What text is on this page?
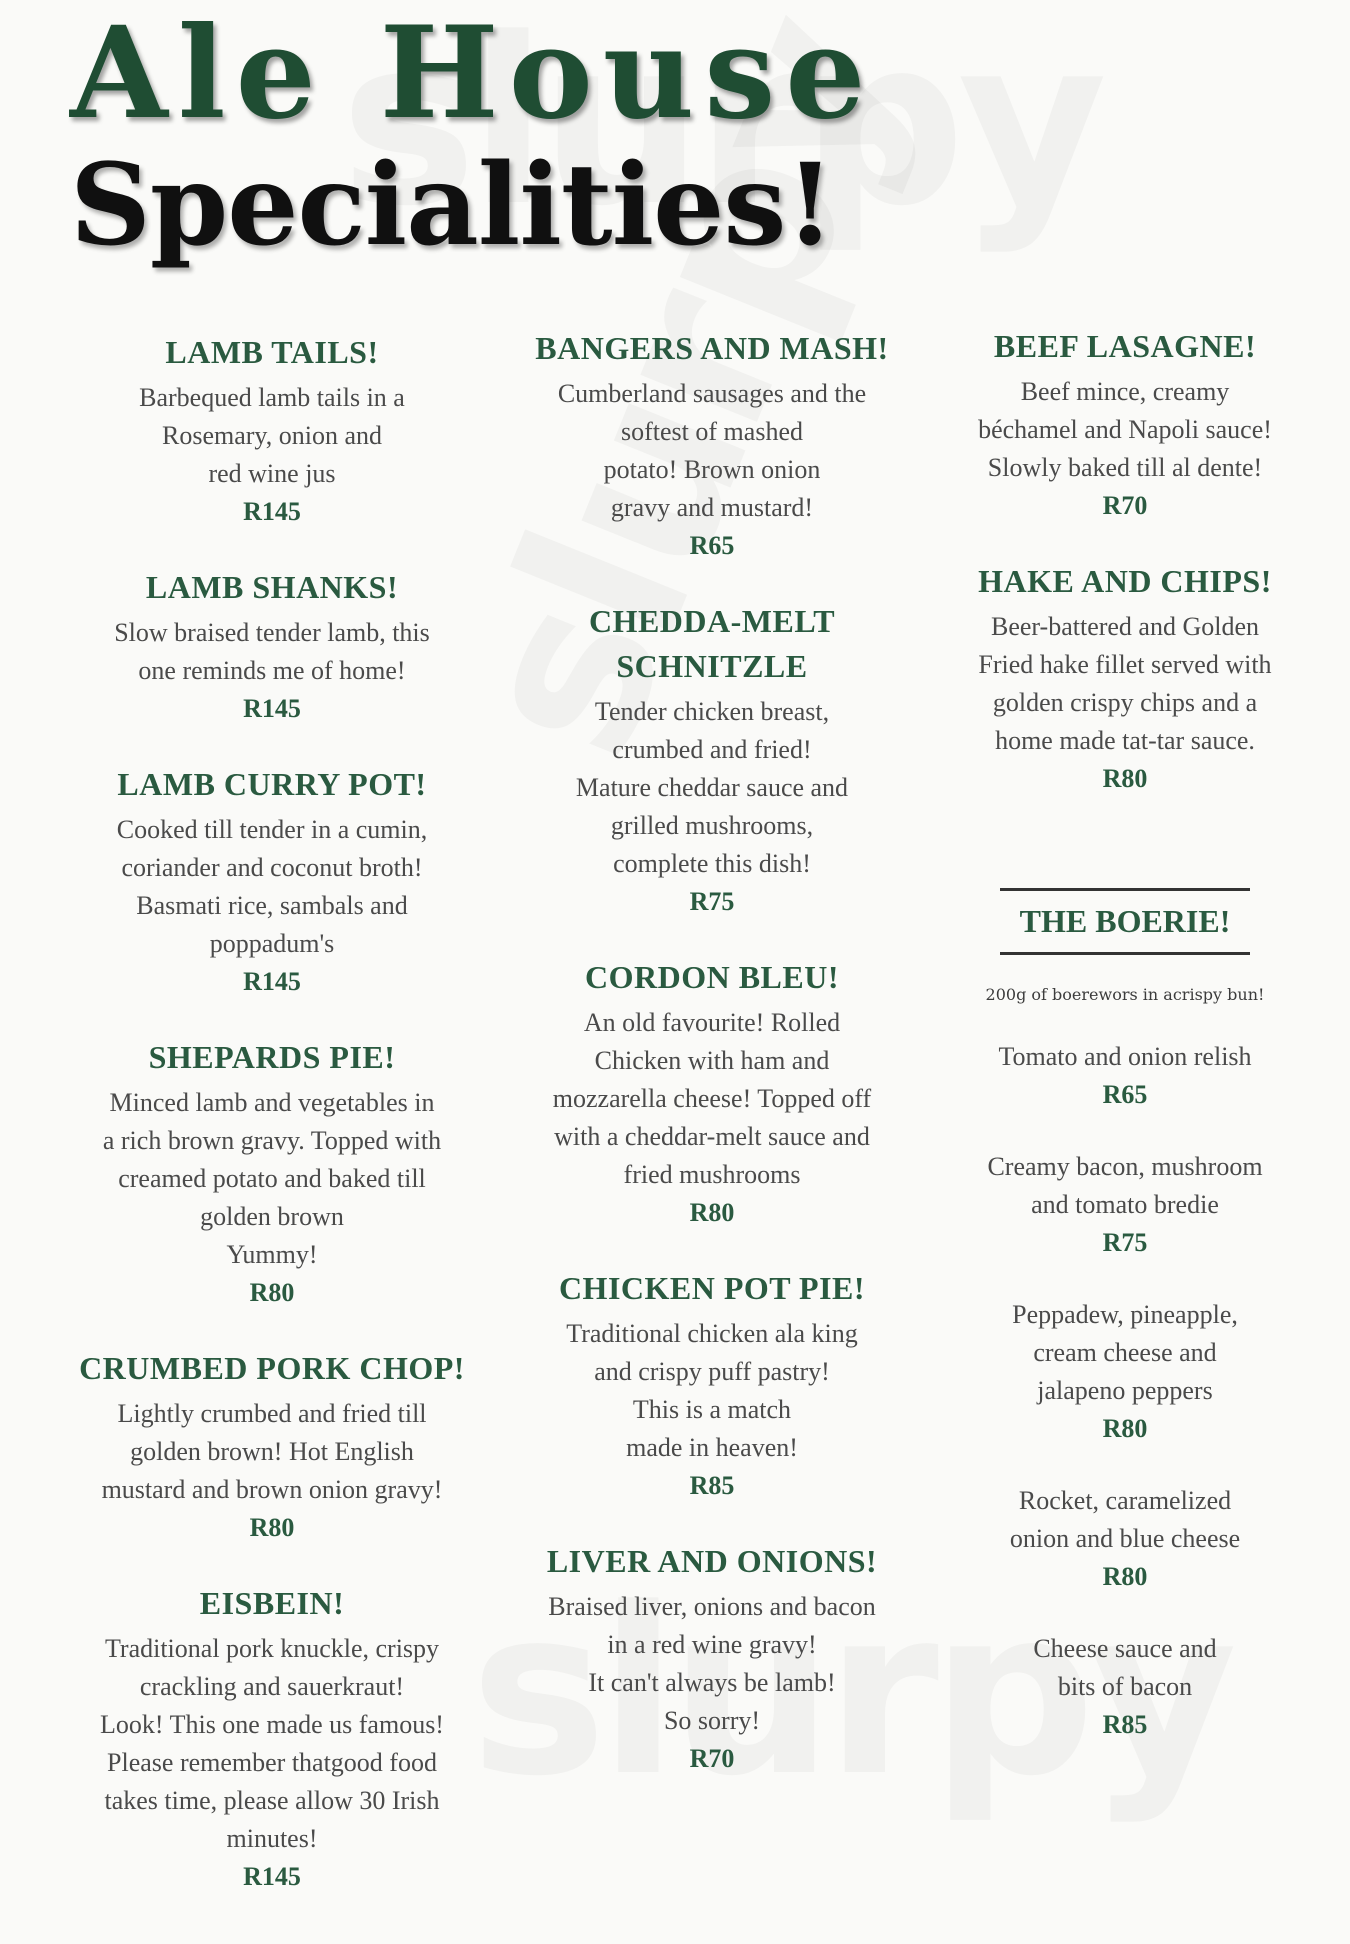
Ale House
Specialities!
LAMB TAILS!
Barbequed lamb tails in a
Rosemary, onion and
red wine jus
R145
LAMB SHANKS!
Slow braised tender lamb, this
one reminds me of home!
R145
LAMB CURRY POT!
Cooked till tender in a cumin,
coriander and coconut broth!
Basmati rice, sambals and
poppadum's
R145
SHEPARDS PIE!
Minced lamb and vegetables in
a rich brown gravy. Topped with
creamed potato and baked till
golden brown
Yummy!
R80
CRUMBED PORK CHOP!
Lightly crumbed and fried till
golden brown! Hot English
mustard and brown onion gravy!
R80
EISBEIN!
Traditional pork knuckle, crispy
crackling and sauerkraut!
Look! This one made us famous!
Please remember thatgood food
takes time, please allow 30 Irish
minutes!
R145
BANGERS AND MASH!
Cumberland sausages and the
softest of mashed
potato! Brown onion
gravy and mustard!
R65
CHEDDA-MELT SCHNITZLE
Tender chicken breast,
crumbed and fried!
Mature cheddar sauce and
grilled mushrooms,
complete this dish!
R75
CORDON BLEU!
An old favourite! Rolled
Chicken with ham and
mozzarella cheese! Topped off
with a cheddar-melt sauce and
fried mushrooms
R80
CHICKEN POT PIE!
Traditional chicken ala king
and crispy puff pastry!
This is a match
made in heaven!
R85
LIVER AND ONIONS!
Braised liver, onions and bacon
in a red wine gravy!
It can't always be lamb!
So sorry!
R70
BEEF LASAGNE!
Beef mince, creamy
béchamel and Napoli sauce!
Slowly baked till al dente!
R70
HAKE AND CHIPS!
Beer-battered and Golden
Fried hake fillet served with
golden crispy chips and a
home made tat-tar sauce.
R80
THE BOERIE!
200g of boerewors in acrispy bun!
Tomato and onion relish
R65
Creamy bacon, mushroom
and tomato bredie
R75
Peppadew, pineapple,
cream cheese and
jalapeno peppers
R80
Rocket, caramelized
onion and blue cheese
R80
Cheese sauce and
bits of bacon
R85
